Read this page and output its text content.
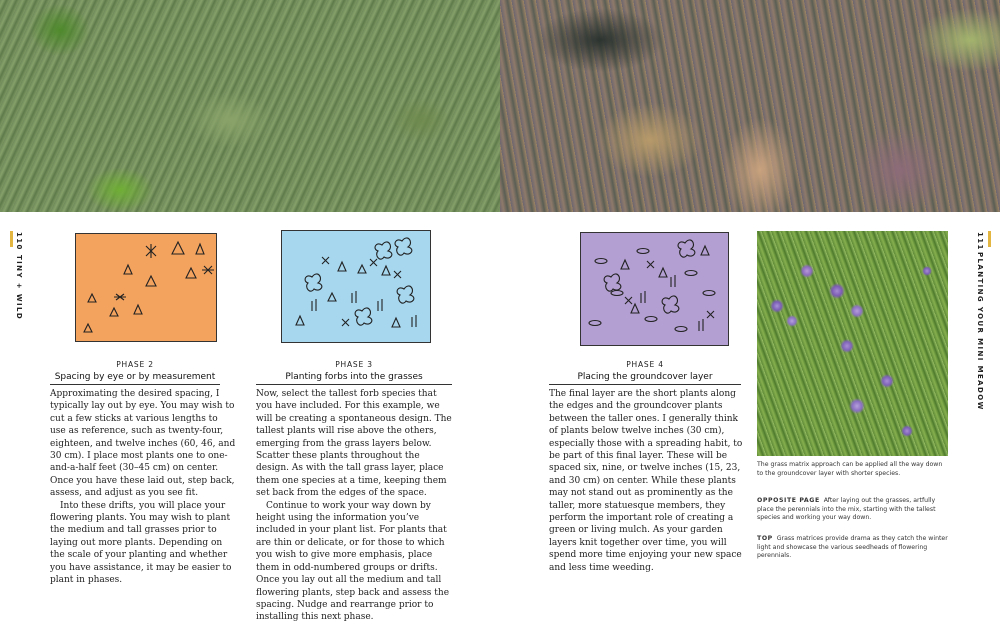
110
TINY + WILD
111
PLANTING YOUR MINI MEADOW
PHASE 2
Spacing by eye or by measurement

Approximating the desired spacing, I typically lay out by eye. You may wish to cut a few sticks at various lengths to use as reference, such as twenty-four, eighteen, and twelve inches (60, 46, and 30 cm). I place most plants one to one-and-a-half feet (30–45 cm) on center. Once you have these laid out, step back, assess, and adjust as you see fit.

Into these drifts, you will place your flowering plants. You may wish to plant the medium and tall grasses prior to laying out more plants. Depending on the scale of your planting and whether you have assistance, it may be easier to plant in phases.

PHASE 3
Planting forbs into the grasses

Now, select the tallest forb species that you have included. For this example, we will be creating a spontaneous design. The tallest plants will rise above the others, emerging from the grass layers below. Scatter these plants throughout the design. As with the tall grass layer, place them one species at a time, keeping them set back from the edges of the space.

Continue to work your way down by height using the information you’ve included in your plant list. For plants that are thin or delicate, or for those to which you wish to give more emphasis, place them in odd-numbered groups or drifts. Once you lay out all the medium and tall flowering plants, step back and assess the spacing. Nudge and rearrange prior to installing this next phase.

PHASE 4
Placing the groundcover layer

The final layer are the short plants along the edges and the groundcover plants between the taller ones. I generally think of plants below twelve inches (30 cm), especially those with a spreading habit, to be part of this final layer. These will be spaced six, nine, or twelve inches (15, 23, and 30 cm) on center. While these plants may not stand out as prominently as the taller, more statuesque members, they perform the important role of creating a green or living mulch. As your garden layers knit together over time, you will spend more time enjoying your new space and less time weeding.

The grass matrix approach can be applied all the way down to the groundcover layer with shorter species.
OPPOSITE PAGE After laying out the grasses, artfully place the perennials into the mix, starting with the tallest species and working your way down.
TOP Grass matrices provide drama as they catch the winter light and showcase the various seedheads of flowering perennials.
